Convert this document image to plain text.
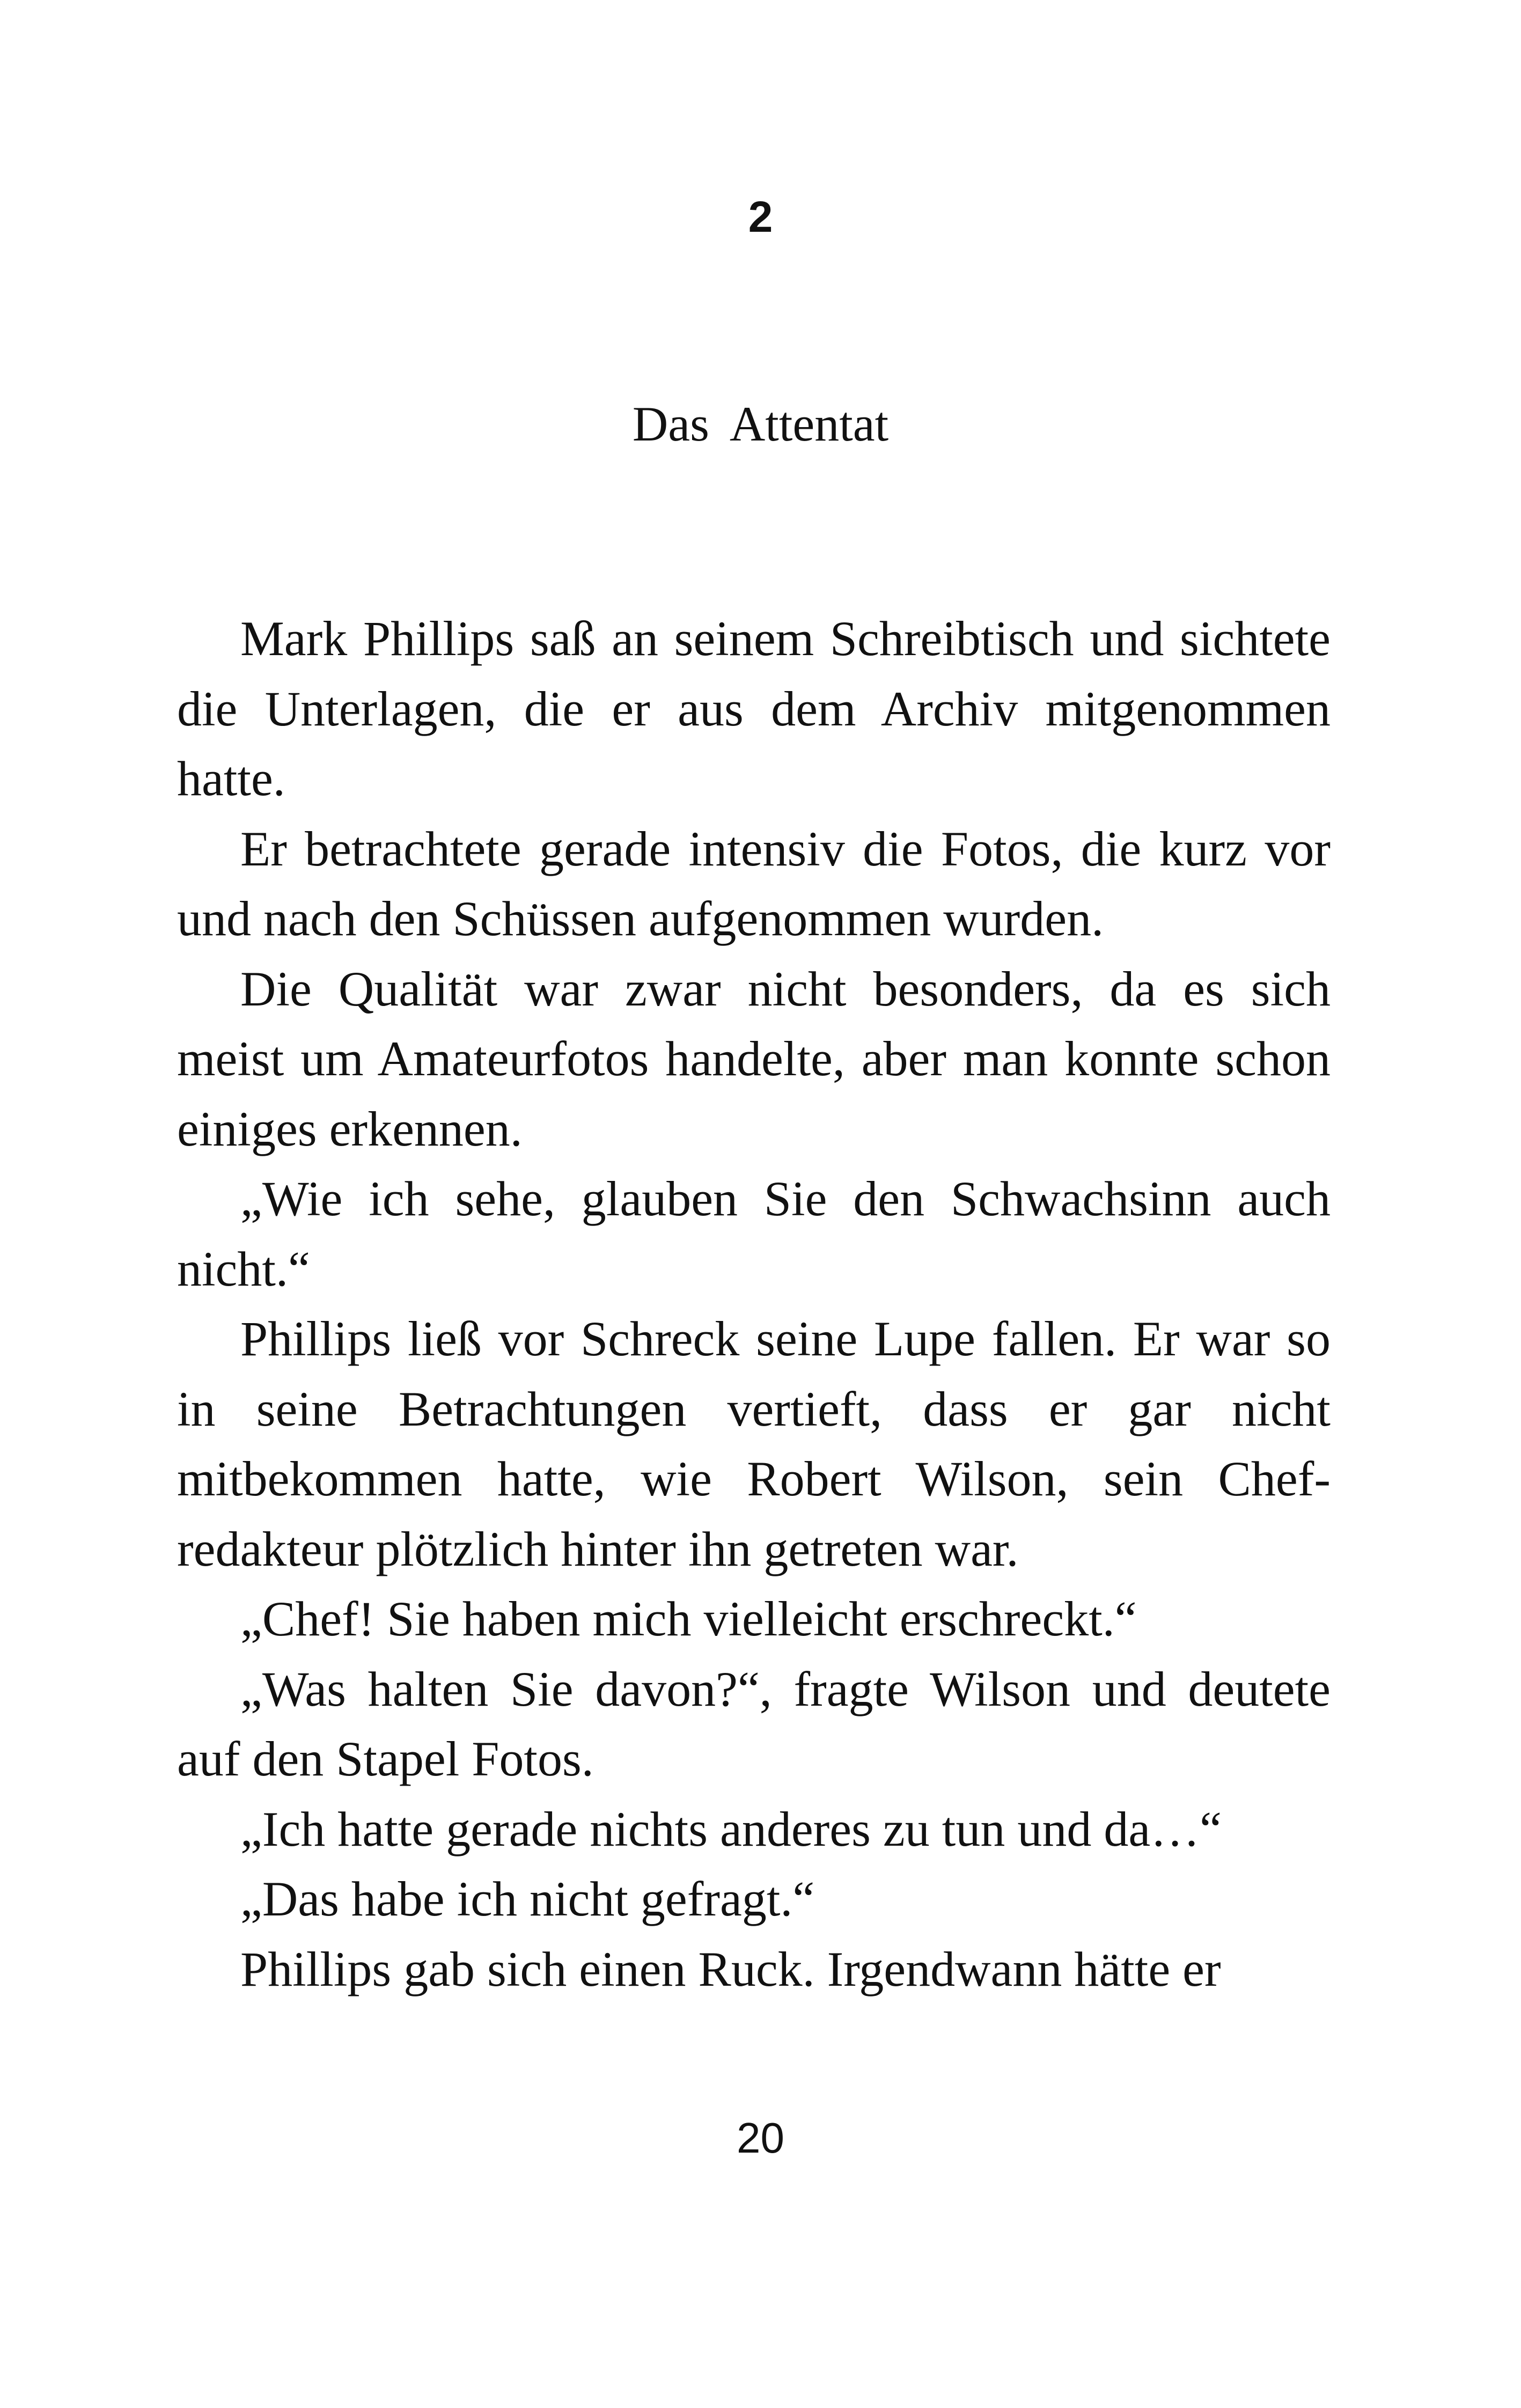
2
Das Attentat

Mark Phillips saß an seinem Schreibtisch und sichtete die Unterlagen, die er aus dem Archiv mitgenommen hatte.

Er betrachtete gerade intensiv die Fotos, die kurz vor und nach den Schüssen aufgenommen wurden.

Die Qualität war zwar nicht besonders, da es sich meist um Amateurfotos handelte, aber man konnte schon einiges erkennen.

„Wie ich sehe, glauben Sie den Schwachsinn auch nicht.“

Phillips ließ vor Schreck seine Lupe fallen. Er war so in seine Betrachtungen vertieft, dass er gar nicht mitbekommen hatte, wie Robert Wilson, sein Chefredakteur plötzlich hinter ihn getreten war.

„Chef! Sie haben mich vielleicht erschreckt.“

„Was halten Sie davon?“, fragte Wilson und deutete auf den Stapel Fotos.

„Ich hatte gerade nichts anderes zu tun und da…“

„Das habe ich nicht gefragt.“

Phillips gab sich einen Ruck. Irgendwann hätte er

20
